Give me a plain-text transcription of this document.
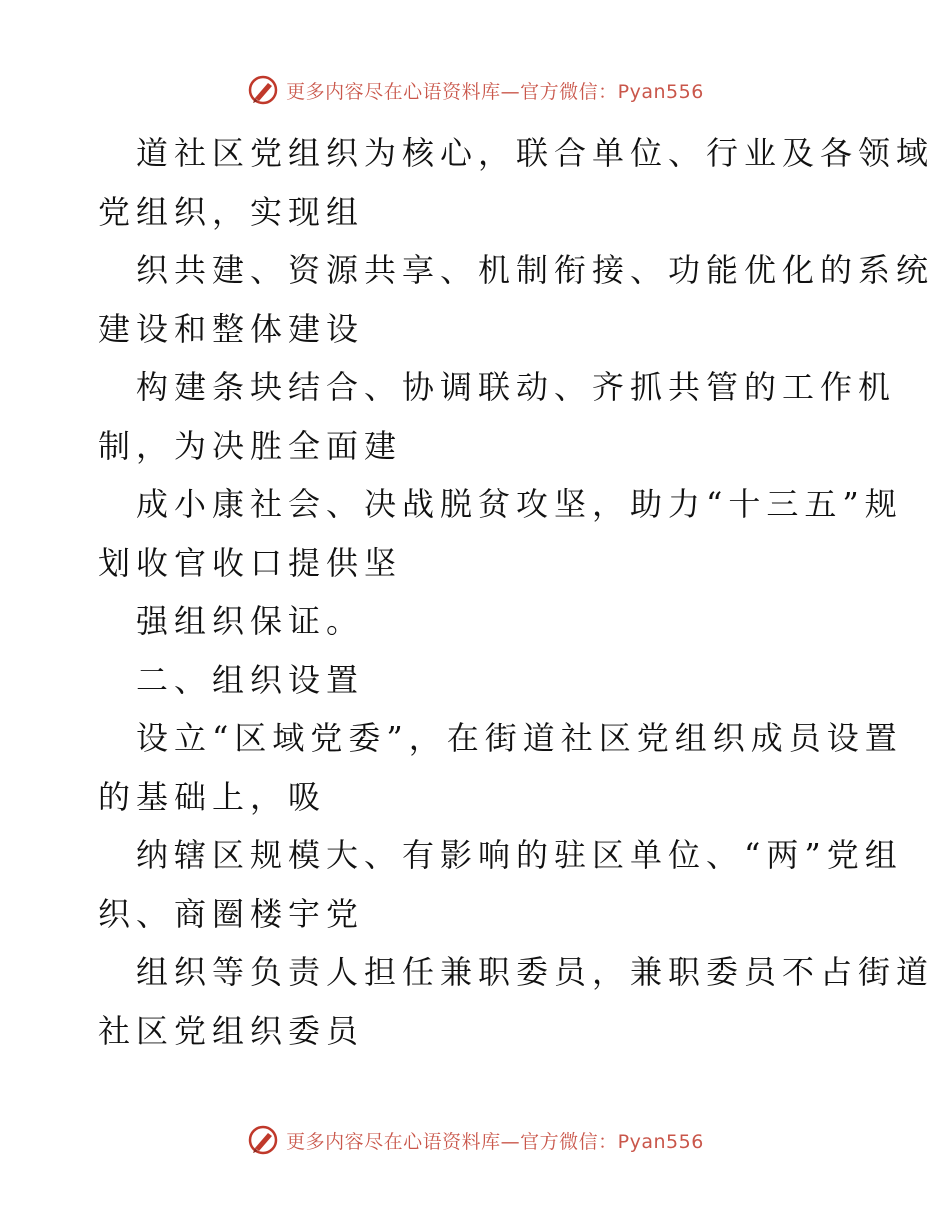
更多内容尽在心语资料库—官方微信：Pyan556
道社区党组织为核心，联合单位、行业及各领域
党组织，实现组
织共建、资源共享、机制衔接、功能优化的系统
建设和整体建设
构建条块结合、协调联动、齐抓共管的工作机
制，为决胜全面建
成小康社会、决战脱贫攻坚，助力“十三五”规
划收官收口提供坚
强组织保证。
二、组织设置
设立“区域党委”，在街道社区党组织成员设置
的基础上，吸
纳辖区规模大、有影响的驻区单位、“两”党组
织、商圈楼宇党
组织等负责人担任兼职委员，兼职委员不占街道
社区党组织委员
更多内容尽在心语资料库—官方微信：Pyan556
